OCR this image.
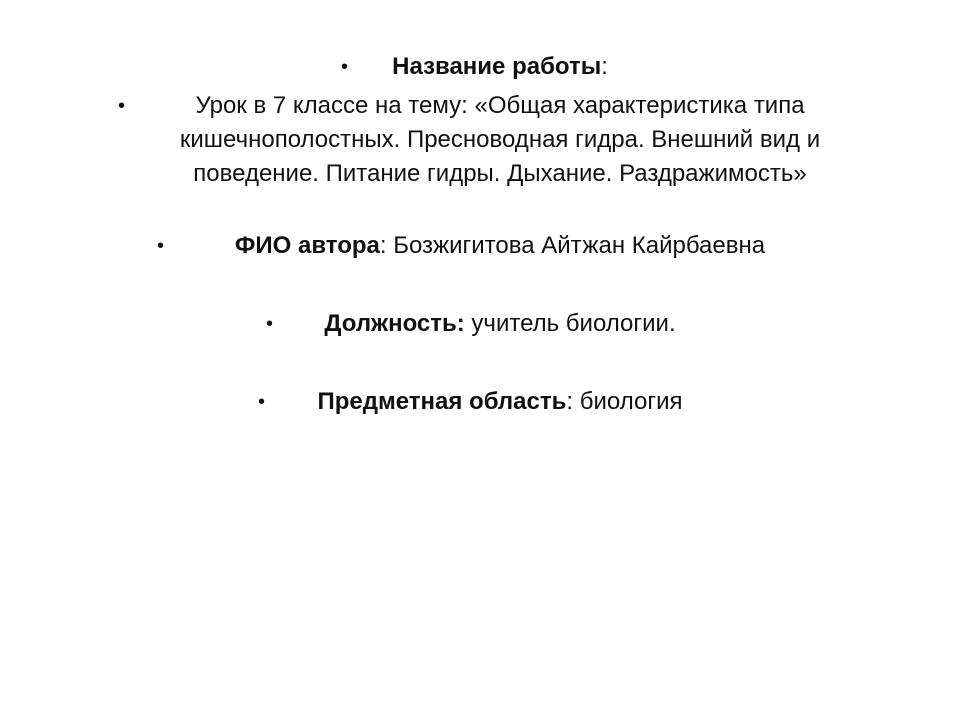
•	Название работы:
•	Урок в 7 классе на тему: «Общая характеристика типа кишечнополостных. Пресноводная гидра. Внешний вид и поведение. Питание гидры. Дыхание. Раздражимость»
•	ФИО автора: Бозжигитова Айтжан Кайрбаевна
•	Должность: учитель биологии.
•	Предметная область: биология
